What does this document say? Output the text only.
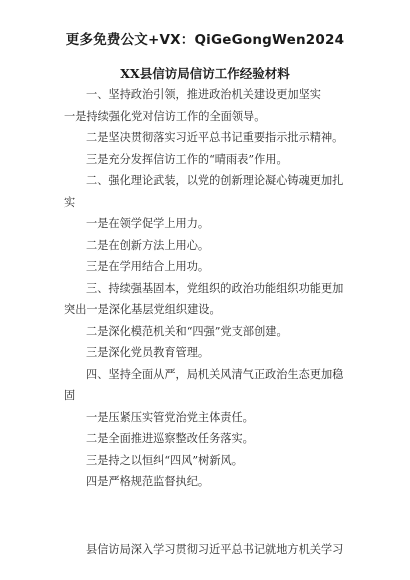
更多免费公文+VX：QiGeGongWen2024
XX县信访局信访工作经验材料

一、坚持政治引领，推进政治机关建设更加坚实

一是持续强化党对信访工作的全面领导。

二是坚决贯彻落实习近平总书记重要指示批示精神。

三是充分发挥信访工作的“晴雨表”作用。

二、强化理论武装，以党的创新理论凝心铸魂更加扎实

一是在领学促学上用力。

二是在创新方法上用心。

三是在学用结合上用功。

三、持续强基固本，党组织的政治功能组织功能更加突出一是深化基层党组织建设。

二是深化模范机关和“四强”党支部创建。

三是深化党员教育管理。

四、坚持全面从严，局机关风清气正政治生态更加稳固

一是压紧压实管党治党主体责任。

二是全面推进巡察整改任务落实。

三是持之以恒纠“四风”树新风。

四是严格规范监督执纪。

县信访局深入学习贯彻习近平总书记就地方机关学习
